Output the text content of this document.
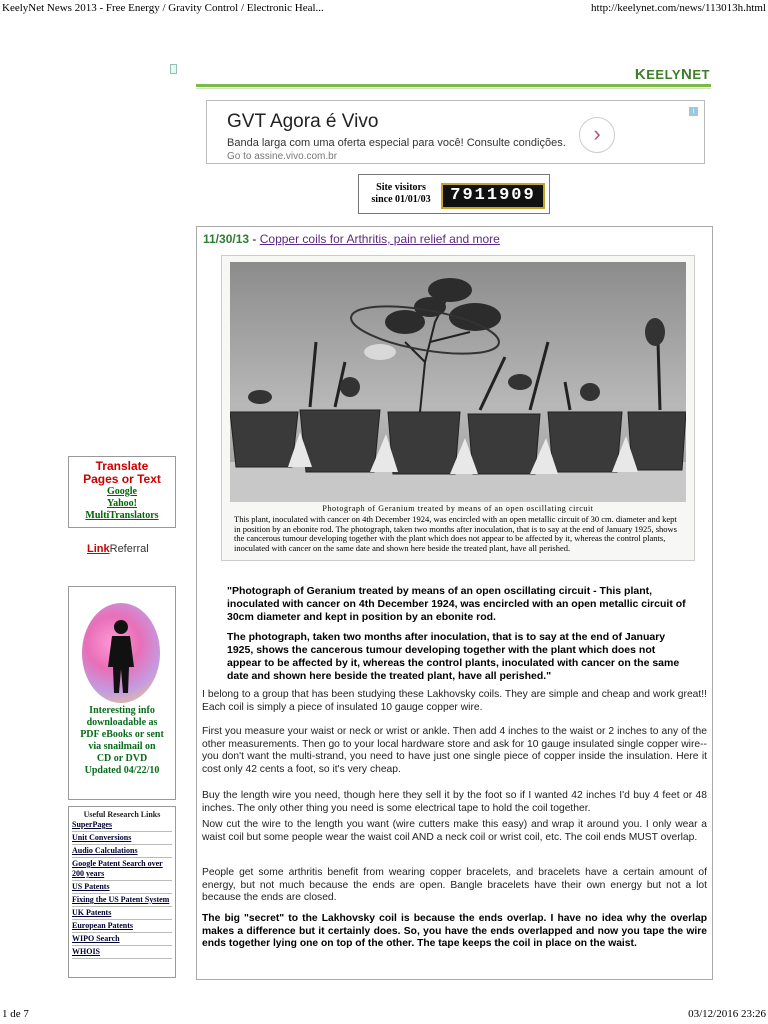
KeelyNet News 2013 - Free Energy / Gravity Control / Electronic Heal...	http://keelynet.com/news/113013h.html
KEELYNET
GVT Agora é Vivo
Banda larga com uma oferta especial para você! Consulte condições.
Go to assine.vivo.com.br
›
i
Site visitors
since 01/01/03	7911909
11/30/13 - Copper coils for Arthritis, pain relief and more
Photograph of Geranium treated by means of an open oscillating circuit
This plant, inoculated with cancer on 4th December 1924, was encircled with an open metallic circuit of 30 cm. diameter and kept in position by an ebonite rod. The photograph, taken two months after inoculation, that is to say at the end of January 1925, shows the cancerous tumour developing together with the plant which does not appear to be affected by it, whereas the control plants, inoculated with cancer on the same date and shown here beside the treated plant, have all perished.
"Photograph of Geranium treated by means of an open oscillating circuit - This plant, inoculated with cancer on 4th December 1924, was encircled with an open metallic circuit of 30cm diameter and kept in position by an ebonite rod.
The photograph, taken two months after inoculation, that is to say at the end of January 1925, shows the cancerous tumour developing together with the plant which does not appear to be affected by it, whereas the control plants, inoculated with cancer on the same date and shown here beside the treated plant, have all perished."
I belong to a group that has been studying these Lakhovsky coils. They are simple and cheap and work great!! Each coil is simply a piece of insulated 10 gauge copper wire.
First you measure your waist or neck or wrist or ankle. Then add 4 inches to the waist or 2 inches to any of the other measurements. Then go to your local hardware store and ask for 10 gauge insulated single copper wire--you don't want the multi-strand, you need to have just one single piece of copper inside the insulation. Here it cost only 42 cents a foot, so it's very cheap.
Buy the length wire you need, though here they sell it by the foot so if I wanted 42 inches I'd buy 4 feet or 48 inches. The only other thing you need is some electrical tape to hold the coil together.
Now cut the wire to the length you want (wire cutters make this easy) and wrap it around you. I only wear a waist coil but some people wear the waist coil AND a neck coil or wrist coil, etc. The coil ends MUST overlap.
People get some arthritis benefit from wearing copper bracelets, and bracelets have a certain amount of energy, but not much because the ends are open. Bangle bracelets have their own energy but not a lot because the ends are closed.
The big "secret" to the Lakhovsky coil is because the ends overlap. I have no idea why the overlap makes a difference but it certainly does. So, you have the ends overlapped and now you tape the wire ends together lying one on top of the other. The tape keeps the coil in place on the waist.
Translate
Pages or Text
Google
Yahoo!
MultiTranslators
LinkReferral
Interesting info
downloadable as
PDF eBooks or sent
via snailmail on
CD or DVD
Updated 04/22/10
Useful Research Links
SuperPages
Unit Conversions
Audio Calculations
Google Patent Search over 200 years
US Patents
Fixing the US Patent System
UK Patents
European Patents
WIPO Search
WHOIS
1 de 7	03/12/2016 23:26
